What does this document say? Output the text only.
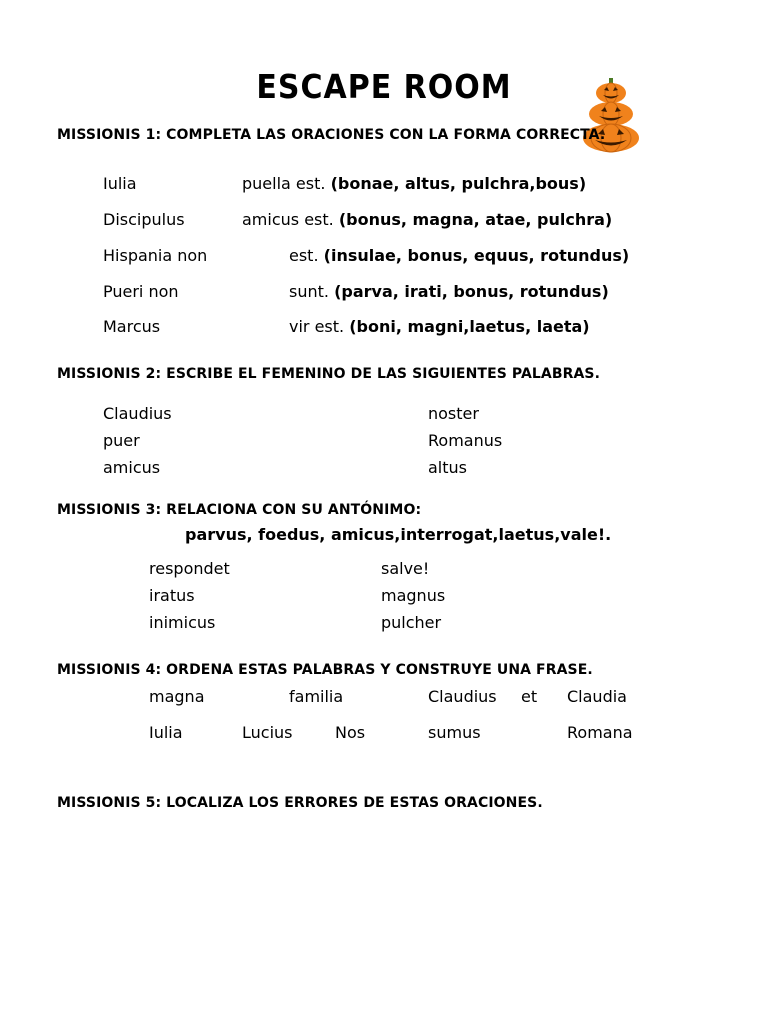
ESCAPE ROOM
MISSIONIS 1: COMPLETA LAS ORACIONES CON LA FORMA CORRECTA.
Iulia	puella est. (bonae, altus, pulchra,bous)
Discipulus	amicus est. (bonus, magna, atae, pulchra)
Hispania non	est. (insulae, bonus, equus, rotundus)
Pueri non	sunt. (parva, irati, bonus, rotundus)
Marcus	vir est. (boni, magni,laetus, laeta)
MISSIONIS 2: ESCRIBE EL FEMENINO DE LAS SIGUIENTES PALABRAS.
Claudius	noster
puer	Romanus
amicus	altus
MISSIONIS 3: RELACIONA CON SU ANTÓNIMO:
parvus, foedus, amicus,interrogat,laetus,vale!.
respondet	salve!
iratus	magnus
inimicus	pulcher
MISSIONIS 4: ORDENA ESTAS PALABRAS Y CONSTRUYE UNA FRASE.
magna	familia	Claudius et Claudia
Iulia	Lucius	Nos	sumus	Romana
MISSIONIS 5: LOCALIZA LOS ERRORES DE ESTAS ORACIONES.
